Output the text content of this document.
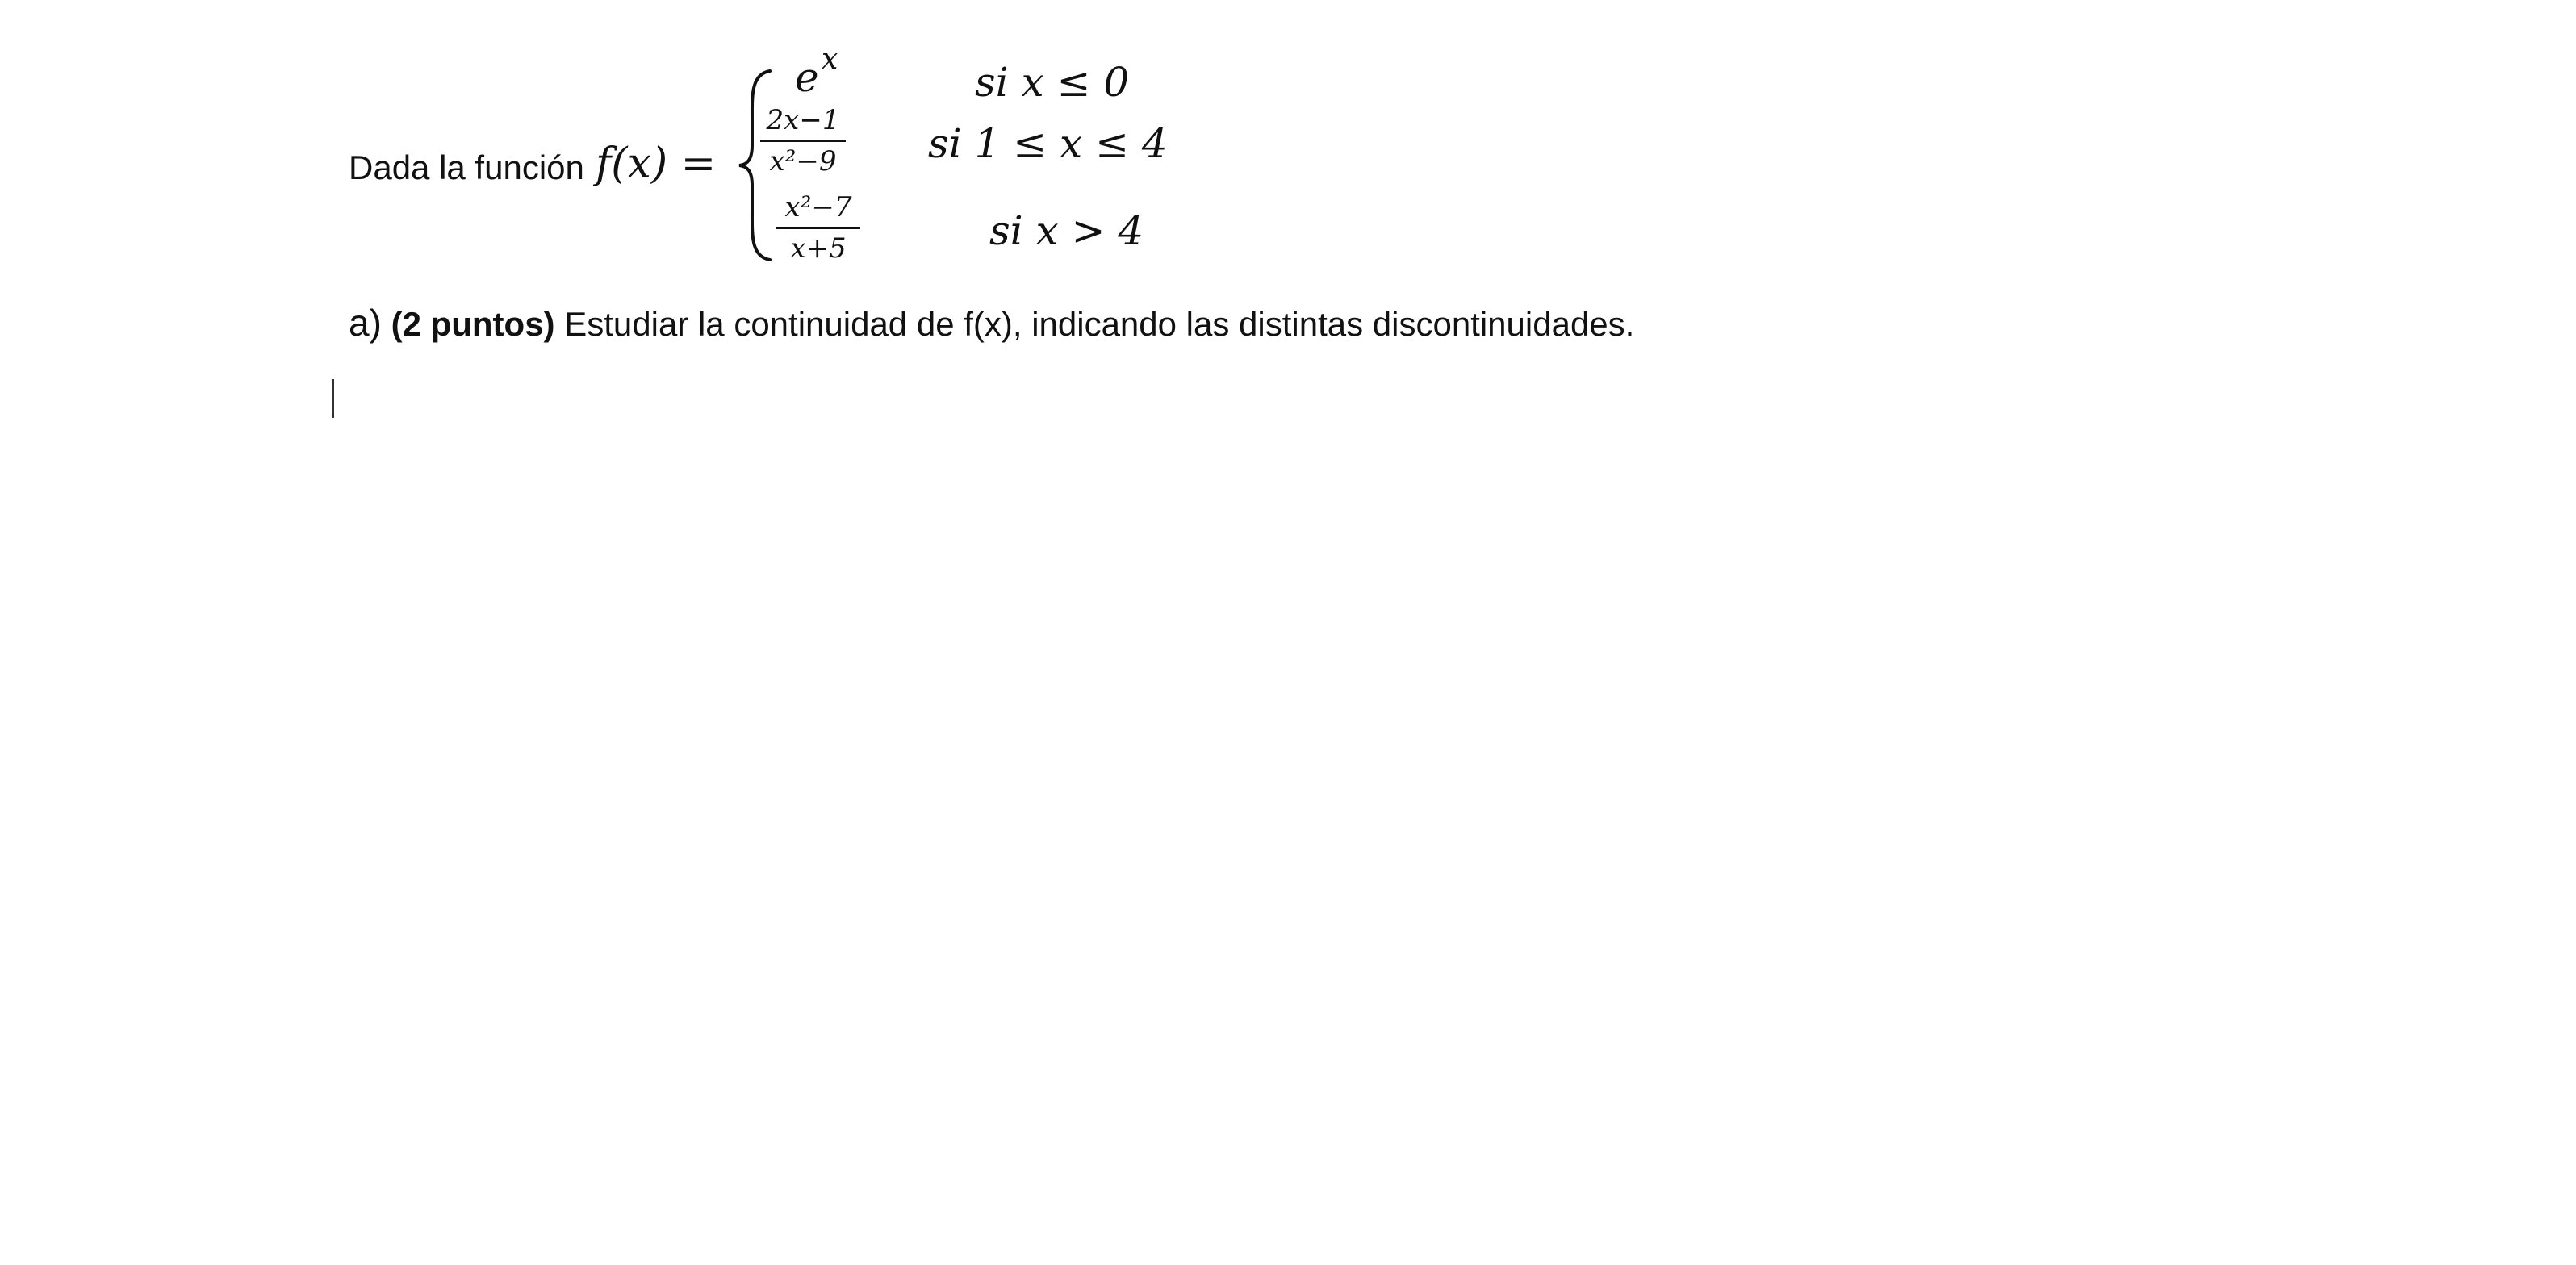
Dada la función f(x) =
e x	si x ≤ 0
2x−1
x²−9 si 1 ≤ x ≤ 4
x²−7
x+5	si x > 4
a) (2 puntos) Estudiar la continuidad de f(x), indicando las distintas discontinuidades.
